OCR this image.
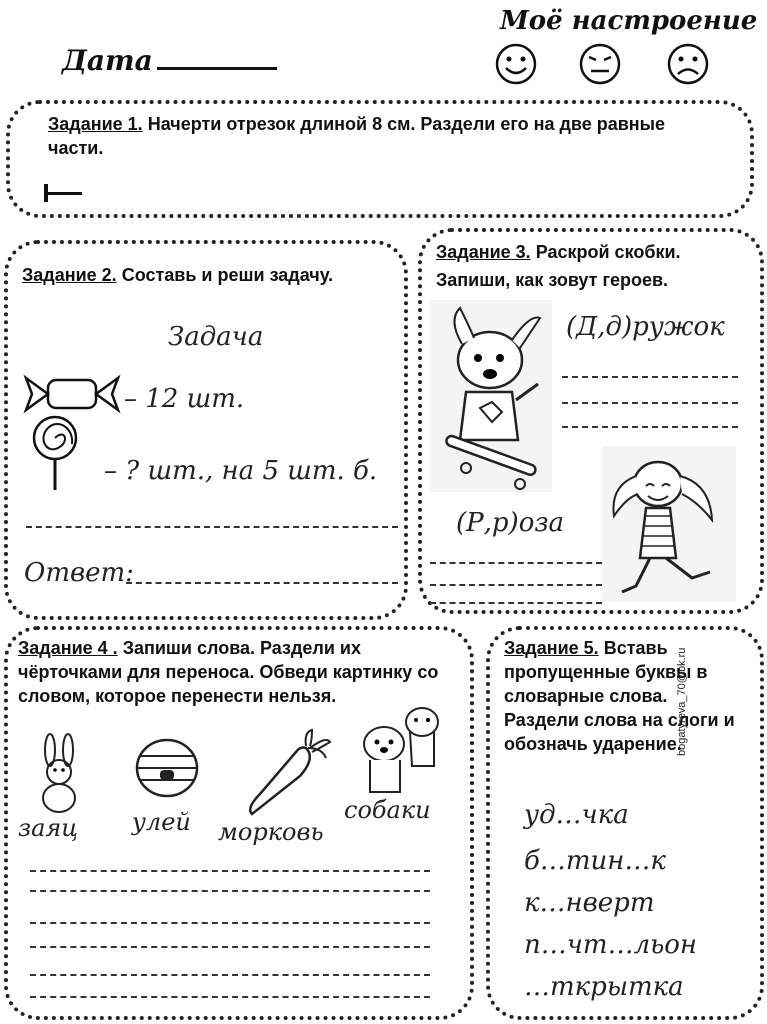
Дата
Моё настроение
Задание 1. Начерти отрезок длиной 8 см. Раздели его на две равные части.
Задание 2. Составь и реши задачу.
Задача
– 12 шт.
– ? шт., на 5 шт. б.
Ответ:
Задание 3. Раскрой скобки. Запиши, как зовут героев.
(Д,д)ружок
(Р,р)оза
Задание 4 . Запиши слова. Раздели их чёрточками для переноса. Обведи картинку со словом, которое перенести нельзя.
заяц улей морковь
собаки
Задание 5. Вставь пропущенные буквы в словарные слова. Раздели слова на слоги и обозначь ударение.
уд…чка
б…тин…к
к…нверт
п…чт…льон
…ткрытка
bogatyreva_70@bk.ru
